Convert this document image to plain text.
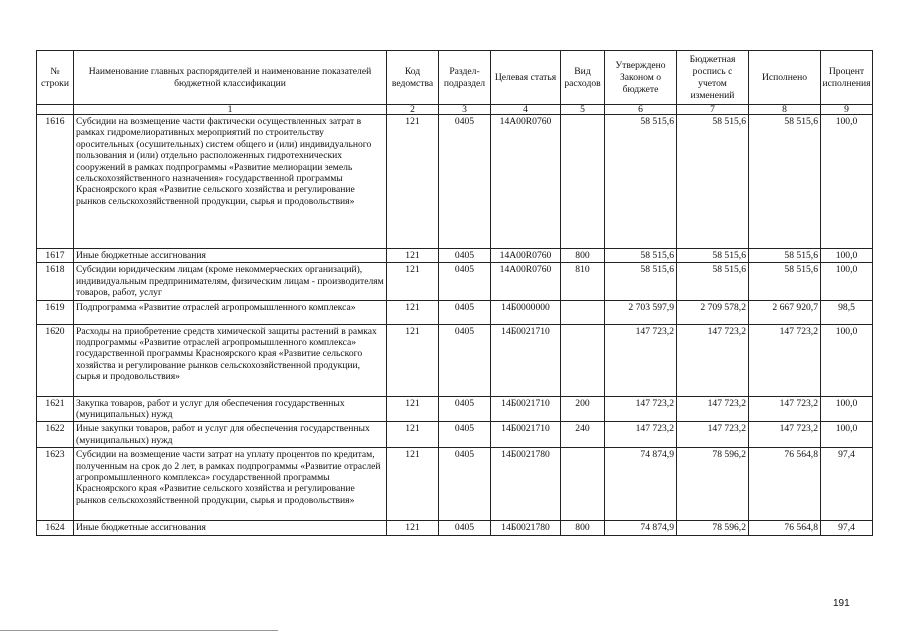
№ строки	Наименование главных распорядителей и наименование показателей бюджетной классификации	Код ведомства	Раздел-подраздел	Целевая статья	Вид расходов	Утверждено Законом о бюджете	Бюджетная роспись с учетом изменений	Исполнено	Процент исполнения
	1	2	3	4	5	6	7	8	9
1616	Субсидии на возмещение части фактически осуществленных затрат в рамках гидромелиоративных мероприятий по строительству оросительных (осушительных) систем общего и (или) индивидуального пользования и (или) отдельно расположенных гидротехнических сооружений в рамках подпрограммы «Развитие мелиорации земель сельскохозяйственного назначения» государственной программы Красноярского края «Развитие сельского хозяйства и регулирование рынков сельскохозяйственной продукции, сырья и продовольствия»	121	0405	14А00R0760		58 515,6	58 515,6	58 515,6	100,0
1617	Иные бюджетные ассигнования	121	0405	14А00R0760	800	58 515,6	58 515,6	58 515,6	100,0
1618	Субсидии юридическим лицам (кроме некоммерческих организаций), индивидуальным предпринимателям, физическим лицам - производителям товаров, работ, услуг	121	0405	14А00R0760	810	58 515,6	58 515,6	58 515,6	100,0
1619	Подпрограмма «Развитие отраслей агропромышленного комплекса»	121	0405	14Б0000000		2 703 597,9	2 709 578,2	2 667 920,7	98,5
1620	Расходы на приобретение средств химической защиты растений в рамках подпрограммы «Развитие отраслей агропромышленного комплекса» государственной программы Красноярского края «Развитие сельского хозяйства и регулирование рынков сельскохозяйственной продукции, сырья и продовольствия»	121	0405	14Б0021710		147 723,2	147 723,2	147 723,2	100,0
1621	Закупка товаров, работ и услуг для обеспечения государственных (муниципальных) нужд	121	0405	14Б0021710	200	147 723,2	147 723,2	147 723,2	100,0
1622	Иные закупки товаров, работ и услуг для обеспечения государственных (муниципальных) нужд	121	0405	14Б0021710	240	147 723,2	147 723,2	147 723,2	100,0
1623	Субсидии на возмещение части затрат на уплату процентов по кредитам, полученным на срок до 2 лет, в рамках подпрограммы «Развитие отраслей агропромышленного комплекса» государственной программы Красноярского края «Развитие сельского хозяйства и регулирование рынков сельскохозяйственной продукции, сырья и продовольствия»	121	0405	14Б0021780		74 874,9	78 596,2	76 564,8	97,4
1624	Иные бюджетные ассигнования	121	0405	14Б0021780	800	74 874,9	78 596,2	76 564,8	97,4
191
